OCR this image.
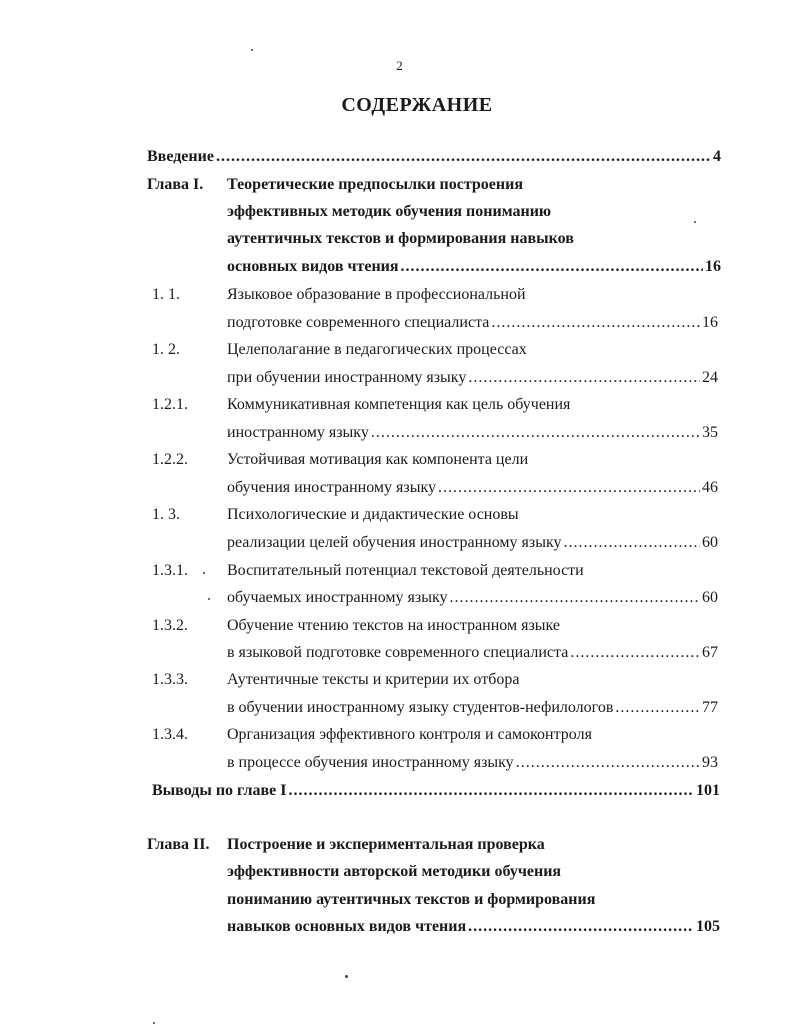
2
СОДЕРЖАНИЕ
Введение .....	4
Глава I. Теоретические предпосылки построения
эффективных методик обучения пониманию
аутентичных текстов и формирования навыков
основных видов чтения .....	16
1. 1.	Языковое образование в профессиональной
подготовке современного специалиста .....	16
1. 2.	Целеполагание в педагогических процессах
при обучении иностранному языку .....	24
1.2.1. Коммуникативная компетенция как цель обучения
иностранному языку .....	35
1.2.2. Устойчивая мотивация как компонента цели
обучения иностранному языку .....	46
1. 3.	Психологические и дидактические основы
реализации целей обучения иностранному языку .....	60
1.3.1. Воспитательный потенциал текстовой деятельности
обучаемых иностранному языку .....	60
1.3.2. Обучение чтению текстов на иностранном языке
в языковой подготовке современного специалиста .....	67
1.3.3. Аутентичные тексты и критерии их отбора
в обучении иностранному языку студентов-нефилологов .....	77
1.3.4. Организация эффективного контроля и самоконтроля
в процессе обучения иностранному языку .....	93
Выводы по главе I .....	101
Глава II. Построение и экспериментальная проверка
эффективности авторской методики обучения
пониманию аутентичных текстов и формирования
навыков основных видов чтения .....	105
